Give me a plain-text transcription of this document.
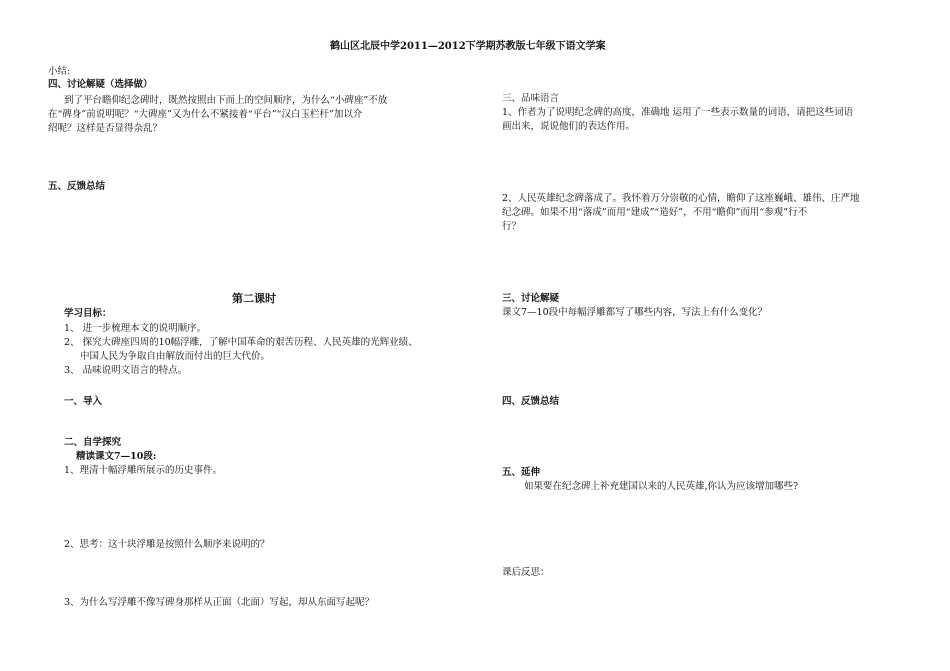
鹤山区北辰中学2011—2012下学期苏教版七年级下语文学案
小结:
四、讨论解疑（选择做）
到了平台瞻仰纪念碑时，既然按照由下而上的空间顺序，为什么“小碑座”不放
在“碑身”前说明呢？“大碑座”又为什么不紧接着“平台”“汉白玉栏杆”加以介
绍呢？这样是否显得杂乱？
五、反馈总结
第二课时
学习目标：
1、 进一步梳理本文的说明顺序。
2、 探究大碑座四周的10幅浮雕，了解中国革命的艰苦历程、人民英雄的光辉业绩、
中国人民为争取自由解放而付出的巨大代价。
3、 品味说明文语言的特点。
一、导入
二、自学探究
精读课文7—10段:
1、理清十幅浮雕所展示的历史事件。
2、思考：这十块浮雕是按照什么顺序来说明的？
3、为什么写浮雕不像写碑身那样从正面（北面）写起，却从东面写起呢？
三、品味语言
1、作者为了说明纪念碑的高度，准确地 运用了一些表示数量的词语，请把这些词语
画出来，说说他们的表达作用。
2、人民英雄纪念碑落成了。我怀着万分崇敬的心情，瞻仰了这座巍峨、雄伟、庄严地
纪念碑。如果不用“落成”而用“建成”“造好”，不用“瞻仰”而用“参观”行不
行？
三、讨论解疑
课文7—10段中每幅浮雕都写了哪些内容，写法上有什么变化？
四、反馈总结
五、延伸
如果要在纪念碑上补充建国以来的人民英雄,你认为应该增加哪些?
课后反思：
